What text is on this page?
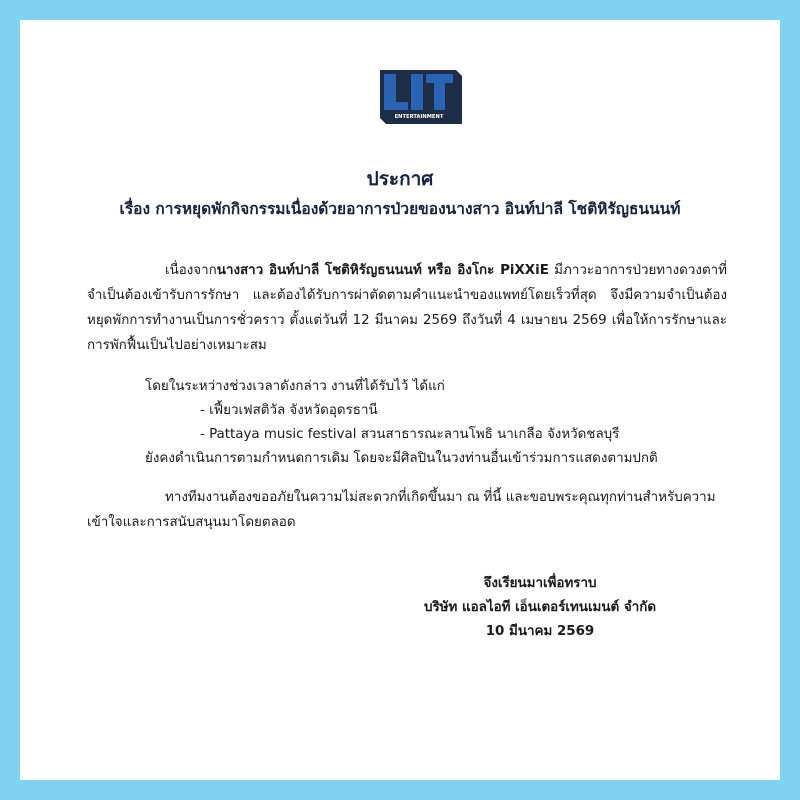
ENTERTAINMENT
ประกาศ
เรื่อง การหยุดพักกิจกรรมเนื่องด้วยอาการป่วยของนางสาว อินท์ปาลี โชติหิรัญธนนนท์

เนื่องจากนางสาว อินท์ปาลี โชติหิรัญธนนนท์ หรือ อิงโกะ PiXXiE มีภาวะอาการป่วยทางดวงตาที่จำเป็นต้องเข้ารับการรักษา และต้องได้รับการผ่าตัดตามคำแนะนำของแพทย์โดยเร็วที่สุด จึงมีความจำเป็นต้องหยุดพักการทำงานเป็นการชั่วคราว ตั้งแต่วันที่ 12 มีนาคม 2569 ถึงวันที่ 4 เมษายน 2569 เพื่อให้การรักษาและการพักฟื้นเป็นไปอย่างเหมาะสม

โดยในระหว่างช่วงเวลาดังกล่าว งานที่ได้รับไว้ ได้แก่
- เฟี้ยวเฟสติวัล จังหวัดอุดรธานี
- Pattaya music festival สวนสาธารณะลานโพธิ นาเกลือ จังหวัดชลบุรี
ยังคงดำเนินการตามกำหนดการเดิม โดยจะมีศิลปินในวงท่านอื่นเข้าร่วมการแสดงตามปกติ

ทางทีมงานต้องขออภัยในความไม่สะดวกที่เกิดขึ้นมา ณ ที่นี้ และขอบพระคุณทุกท่านสำหรับความเข้าใจและการสนับสนุนมาโดยตลอด

จึงเรียนมาเพื่อทราบ
บริษัท แอลไอที เอ็นเตอร์เทนเมนต์ จำกัด
10 มีนาคม 2569
